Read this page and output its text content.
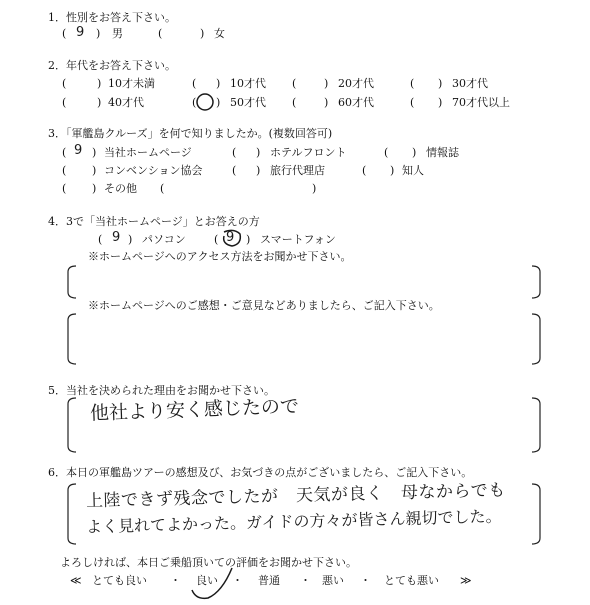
1．性別をお答え下さい。
( 9 ) 男	(	) 女
2．年代をお答え下さい。
(	) 10才未満	( ) 10才代 (	) 20才代	( ) 30才代
(	) 40才代	( ) 50才代 (	) 60才代	( ) 70才代以上
3．「軍艦島クルーズ」を何で知りましたか。(複数回答可)
( 9 ) 当社ホームページ	( ) ホテルフロント	( ) 情報誌
( ) コンベンション協会	( ) 旅行代理店	( ) 知人
( ) その他 (	)
4．3で「当社ホームページ」とお答えの方
( 9 ) パソコン	( 9 ) スマートフォン
※ホームページへのアクセス方法をお聞かせ下さい。
※ホームページへのご感想・ご意見などありましたら、ご記入下さい。
5．当社を決められた理由をお聞かせ下さい。
他社より安く感じたので
6．本日の軍艦島ツアーの感想及び、お気づきの点がございましたら、ご記入下さい。
上陸できず残念でしたが　天気が良く　母なからでも
よく見れてよかった。ガイドの方々が皆さん親切でした。
よろしければ、本日ご乗船頂いての評価をお聞かせ下さい。
≪ とても良い ・ 良い ・ 普通 ・ 悪い ・ とても悪い ≫
